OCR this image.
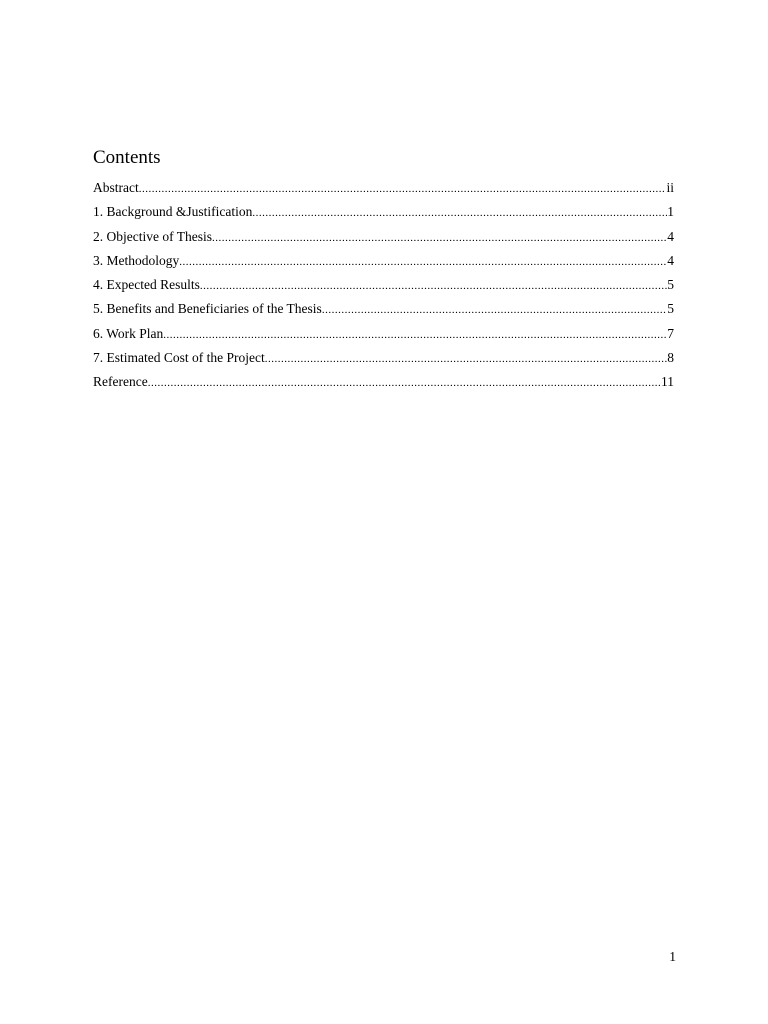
Contents
Abstract .....	ii
1. Background &Justification .....	1
2. Objective of Thesis .....	4
3. Methodology .....	4
4. Expected Results .....	5
5. Benefits and Beneficiaries of the Thesis .....	5
6. Work Plan .....	7
7. Estimated Cost of the Project .....	8
Reference .....	11
1
